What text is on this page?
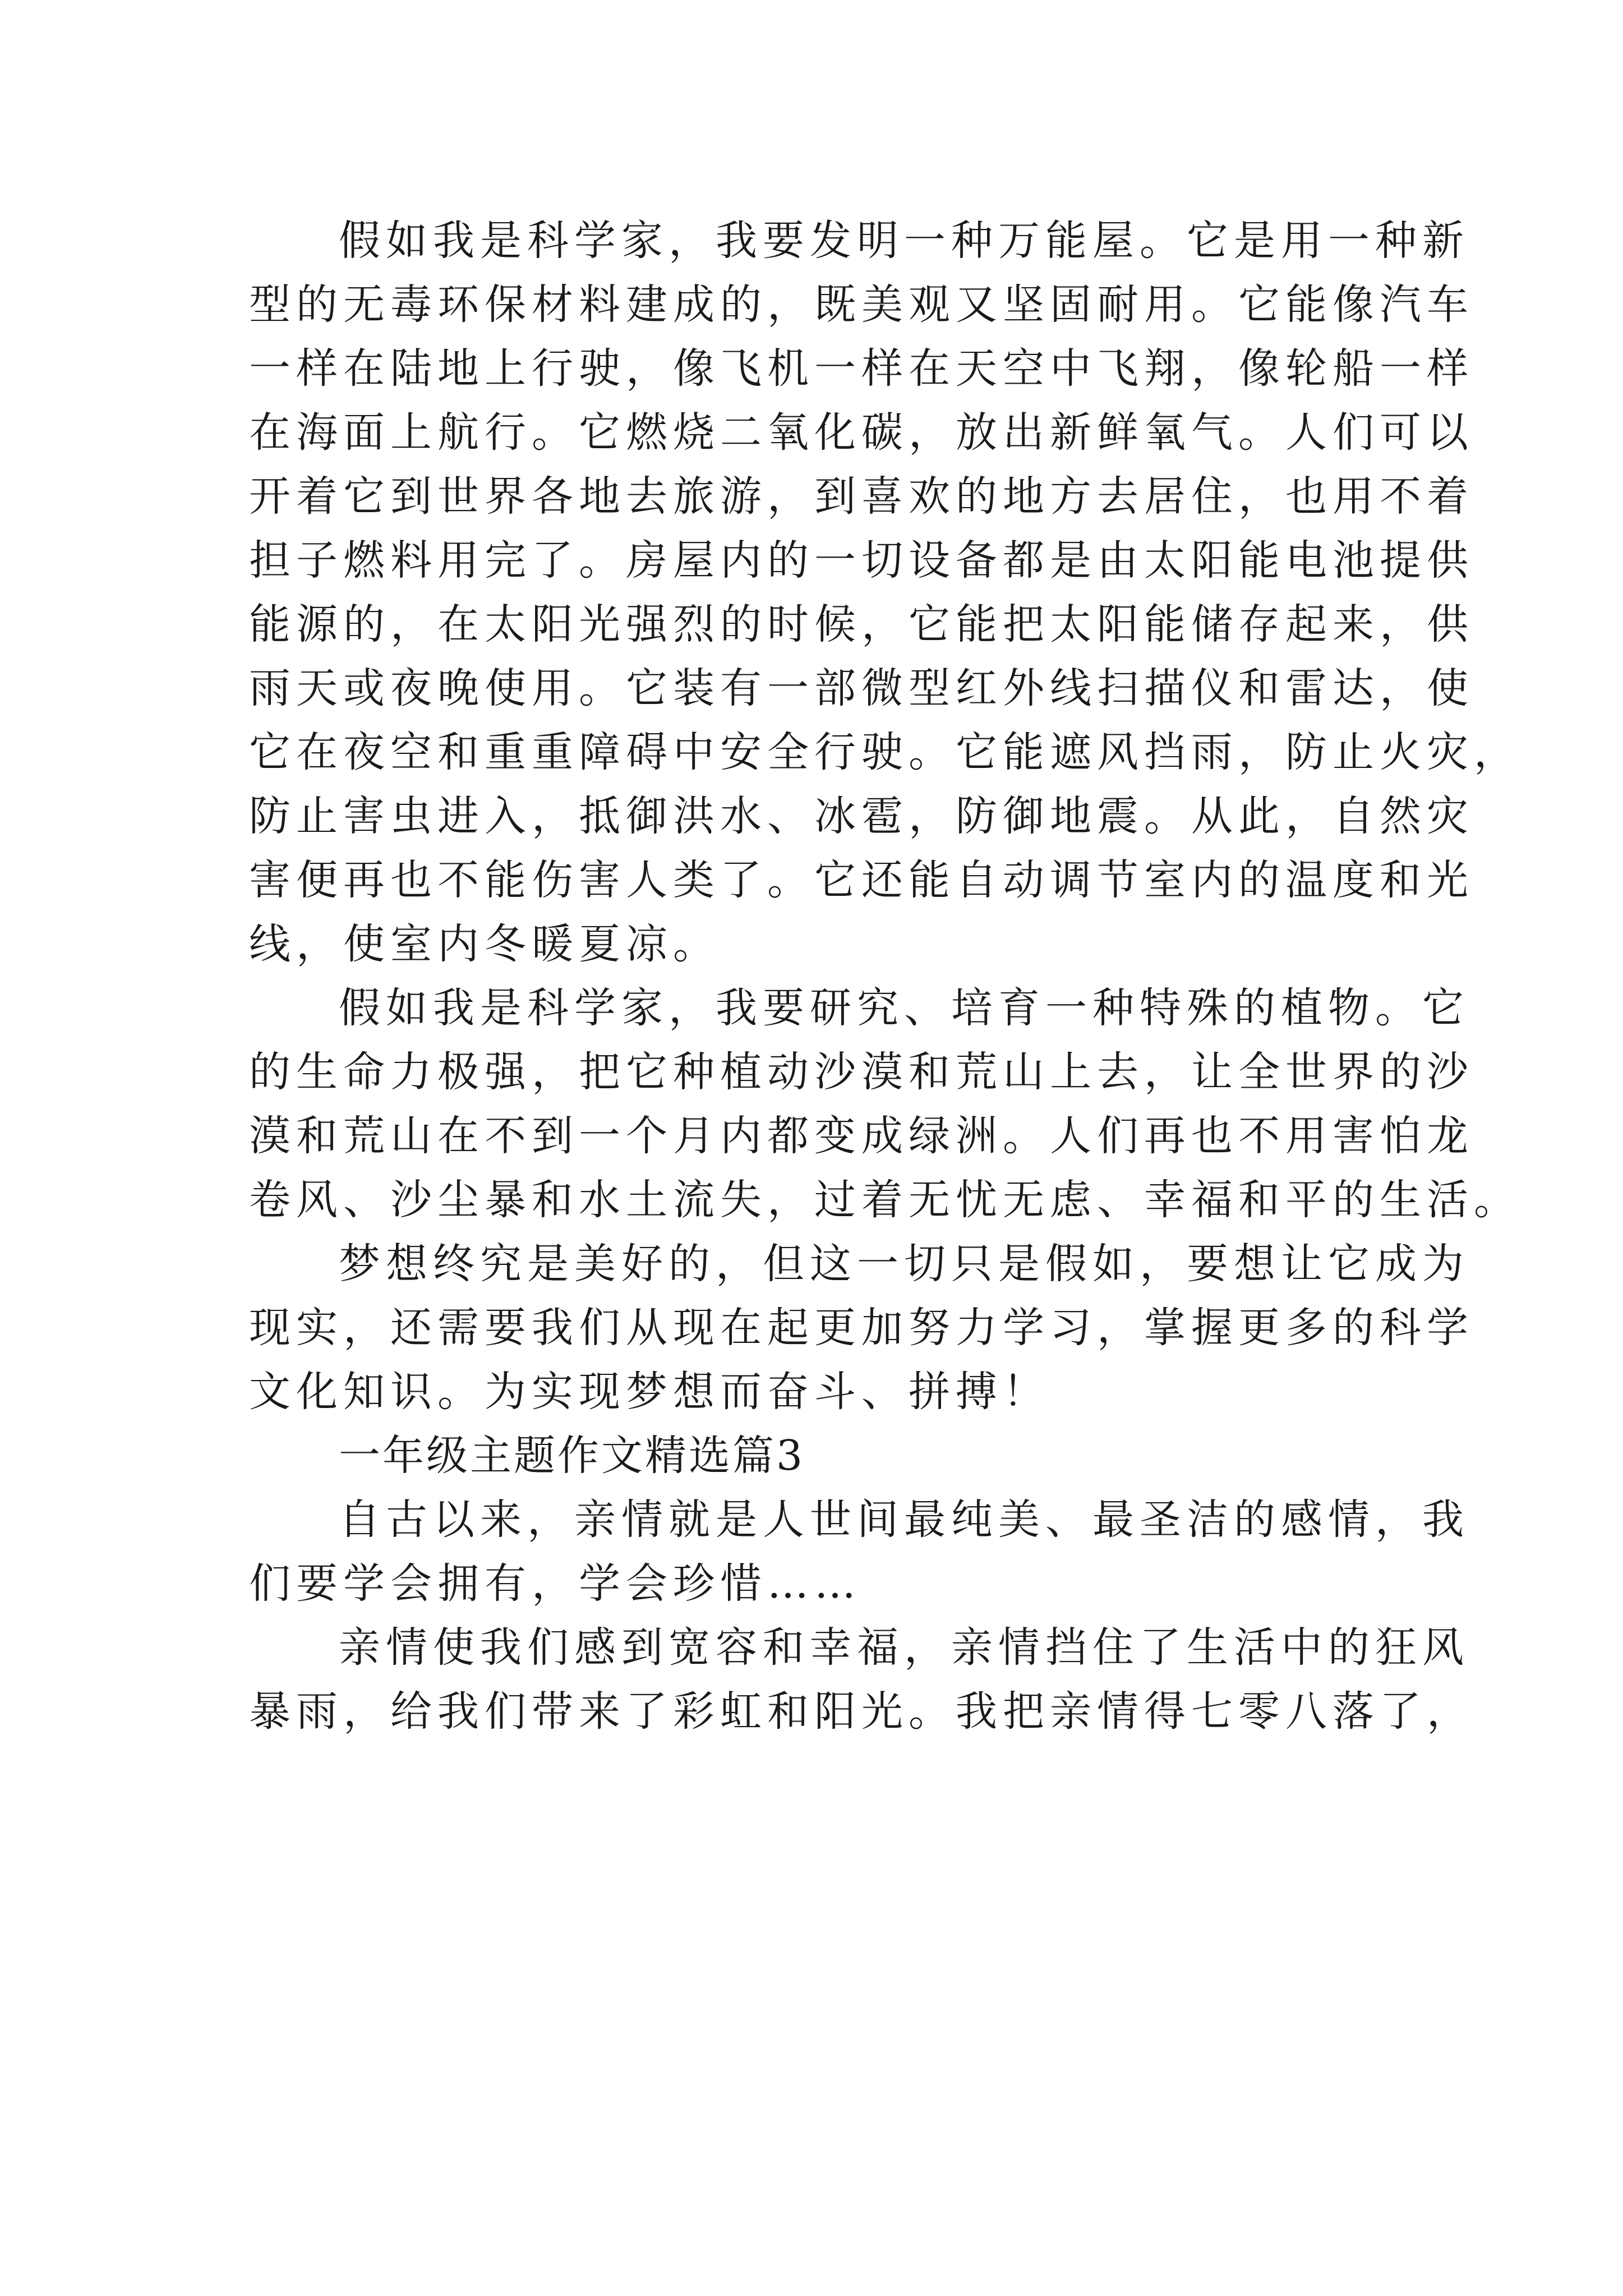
假如我是科学家，我要发明一种万能屋。它是用一种新
型的无毒环保材料建成的，既美观又坚固耐用。它能像汽车
一样在陆地上行驶，像飞机一样在天空中飞翔，像轮船一样
在海面上航行。它燃烧二氧化碳，放出新鲜氧气。人们可以
开着它到世界各地去旅游，到喜欢的地方去居住，也用不着
担子燃料用完了。房屋内的一切设备都是由太阳能电池提供
能源的，在太阳光强烈的时候，它能把太阳能储存起来，供
雨天或夜晚使用。它装有一部微型红外线扫描仪和雷达，使
它在夜空和重重障碍中安全行驶。它能遮风挡雨，防止火灾，
防止害虫进入，抵御洪水、冰雹，防御地震。从此，自然灾
害便再也不能伤害人类了。它还能自动调节室内的温度和光
线，使室内冬暖夏凉。
假如我是科学家，我要研究、培育一种特殊的植物。它
的生命力极强，把它种植动沙漠和荒山上去，让全世界的沙
漠和荒山在不到一个月内都变成绿洲。人们再也不用害怕龙
卷风、沙尘暴和水土流失，过着无忧无虑、幸福和平的生活。
梦想终究是美好的，但这一切只是假如，要想让它成为
现实，还需要我们从现在起更加努力学习，掌握更多的科学
文化知识。为实现梦想而奋斗、拼搏！
一年级主题作文精选篇3
自古以来，亲情就是人世间最纯美、最圣洁的感情，我
们要学会拥有，学会珍惜……
亲情使我们感到宽容和幸福，亲情挡住了生活中的狂风
暴雨，给我们带来了彩虹和阳光。我把亲情得七零八落了，
